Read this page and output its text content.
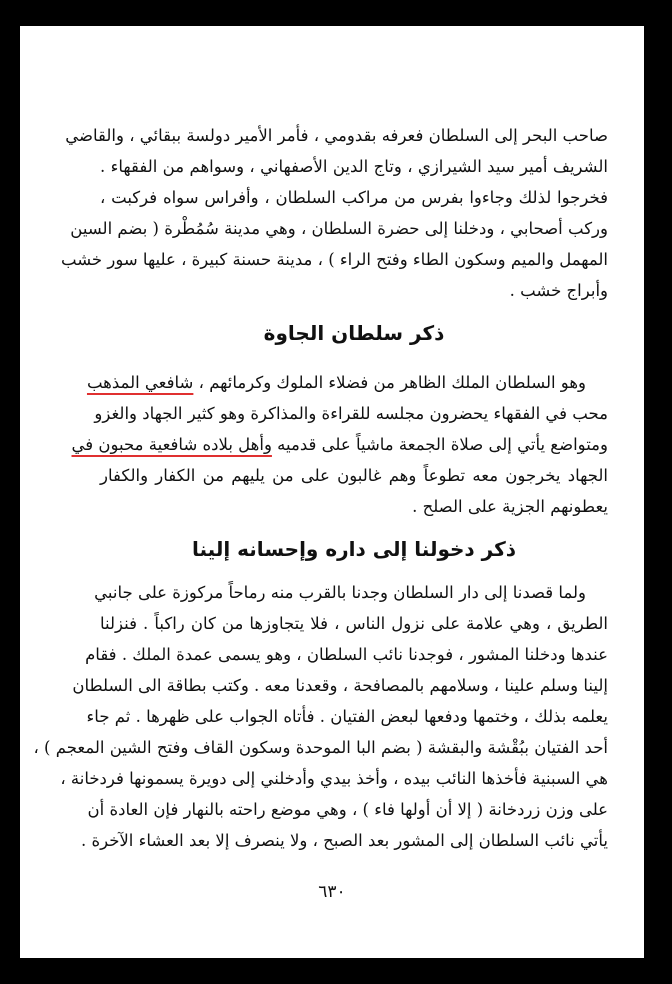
صاحب البحر إلى السلطان فعرفه بقدومي ، فأمر الأمير دولسة ببقائي ، والقاضي
الشريف أمير سيد الشيرازي ، وتاج الدين الأصفهاني ، وسواهم من الفقهاء .
فخرجوا لذلك وجاءوا بفرس من مراكب السلطان ، وأفراس سواه فركبت ،
وركب أصحابي ، ودخلنا إلى حضرة السلطان ، وهي مدينة سُمُطْرة ( بضم السين
المهمل والميم وسكون الطاء وفتح الراء ) ، مدينة حسنة كبيرة ، عليها سور خشب
وأبراج خشب .
ذكر سلطان الجاوة
وهو السلطان الملك الظاهر من فضلاء الملوك وكرمائهم ، شافعي المذهب
محب في الفقهاء يحضرون مجلسه للقراءة والمذاكرة وهو كثير الجهاد والغزو
ومتواضع يأتي إلى صلاة الجمعة ماشياً على قدميه وأهل بلاده شافعية محبون في
الجهاد يخرجون معه تطوعاً وهم غالبون على من يليهم من الكفار والكفار
يعطونهم الجزية على الصلح .
ذكر دخولنا إلى داره وإحسانه إلينا
ولما قصدنا إلى دار السلطان وجدنا بالقرب منه رماحاً مركوزة على جانبي
الطريق ، وهي علامة على نزول الناس ، فلا يتجاوزها من كان راكباً . فنزلنا
عندها ودخلنا المشور ، فوجدنا نائب السلطان ، وهو يسمى عمدة الملك . فقام
إلينا وسلم علينا ، وسلامهم بالمصافحة ، وقعدنا معه . وكتب بطاقة الى السلطان
يعلمه بذلك ، وختمها ودفعها لبعض الفتيان . فأتاه الجواب على ظهرها . ثم جاء
أحد الفتيان ببُقْشة والبقشة ( بضم البا الموحدة وسكون القاف وفتح الشين المعجم ) ،
هي السبنية فأخذها النائب بيده ، وأخذ بيدي وأدخلني إلى دويرة يسمونها فردخانة ،
على وزن زردخانة ( إلا أن أولها فاء ) ، وهي موضع راحته بالنهار فإن العادة أن
يأتي نائب السلطان إلى المشور بعد الصبح ، ولا ينصرف إلا بعد العشاء الآخرة .
٦٣٠
